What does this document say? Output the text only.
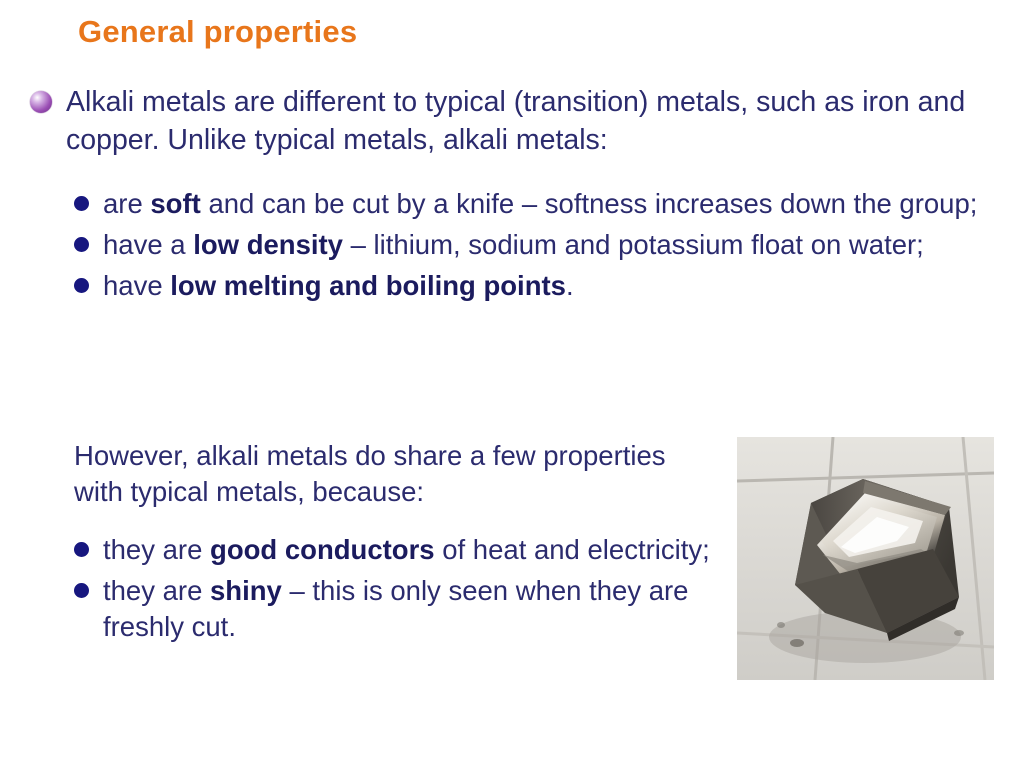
General properties
Alkali metals are different to typical (transition) metals, such as iron and copper. Unlike typical metals, alkali metals:
are soft and can be cut by a knife – softness increases down the group;
have a low density – lithium, sodium and potassium float on water;
have low melting and boiling points.
However, alkali metals do share a few properties with typical metals, because:
they are good conductors of heat and electricity;
they are shiny – this is only seen when they are freshly cut.
